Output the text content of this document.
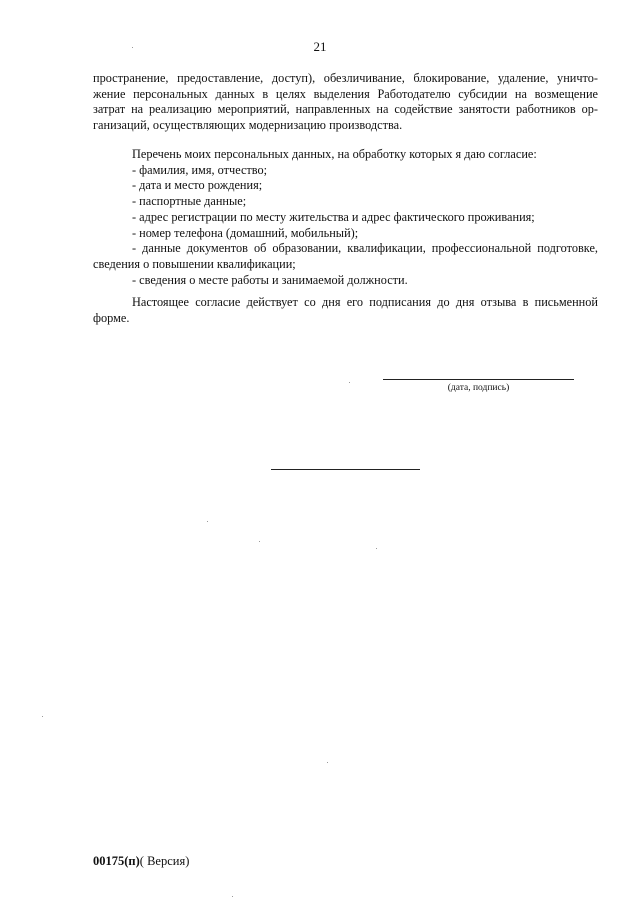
21

пространение, предоставление, доступ), обезличивание, блокирование, удаление, уничто-

жение персональных данных в целях выделения Работодателю субсидии на возмещение

затрат на реализацию мероприятий, направленных на содействие занятости работников ор-

ганизаций, осуществляющих модернизацию производства.

Перечень моих персональных данных, на обработку которых я даю согласие:
- фамилия, имя, отчество;
- дата и место рождения;
- паспортные данные;
- адрес регистрации по месту жительства и адрес фактического проживания;
- номер телефона (домашний, мобильный);
- данные документов об образовании, квалификации, профессиональной подготовке,
сведения о повышении квалификации;
- сведения о месте работы и занимаемой должности.
Настоящее согласие действует со дня его подписания до дня отзыва в письменной
форме.
(дата, подпись)
00175(п)( Версия)
